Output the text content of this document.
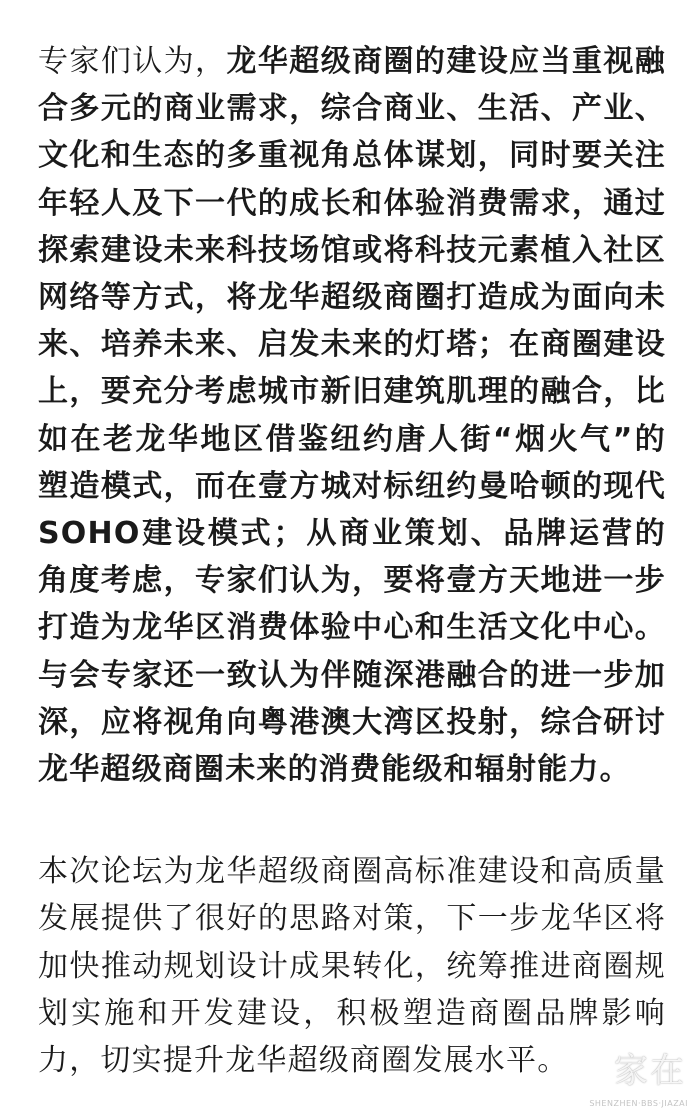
专家们认为，龙华超级商圈的建设应当重视融合多元的商业需求，综合商业、生活、产业、文化和生态的多重视角总体谋划，同时要关注年轻人及下一代的成长和体验消费需求，通过探索建设未来科技场馆或将科技元素植入社区网络等方式，将龙华超级商圈打造成为面向未来、培养未来、启发未来的灯塔；在商圈建设上，要充分考虑城市新旧建筑肌理的融合，比如在老龙华地区借鉴纽约唐人街“烟火气”的塑造模式，而在壹方城对标纽约曼哈顿的现代SOHO建设模式；从商业策划、品牌运营的角度考虑，专家们认为，要将壹方天地进一步打造为龙华区消费体验中心和生活文化中心。与会专家还一致认为伴随深港融合的进一步加深，应将视角向粤港澳大湾区投射，综合研讨龙华超级商圈未来的消费能级和辐射能力。

本次论坛为龙华超级商圈高标准建设和高质量发展提供了很好的思路对策，下一步龙华区将加快推动规划设计成果转化，统筹推进商圈规划实施和开发建设，积极塑造商圈品牌影响力，切实提升龙华超级商圈发展水平。	家在
SHENZHEN·BBS·JIAZAI
